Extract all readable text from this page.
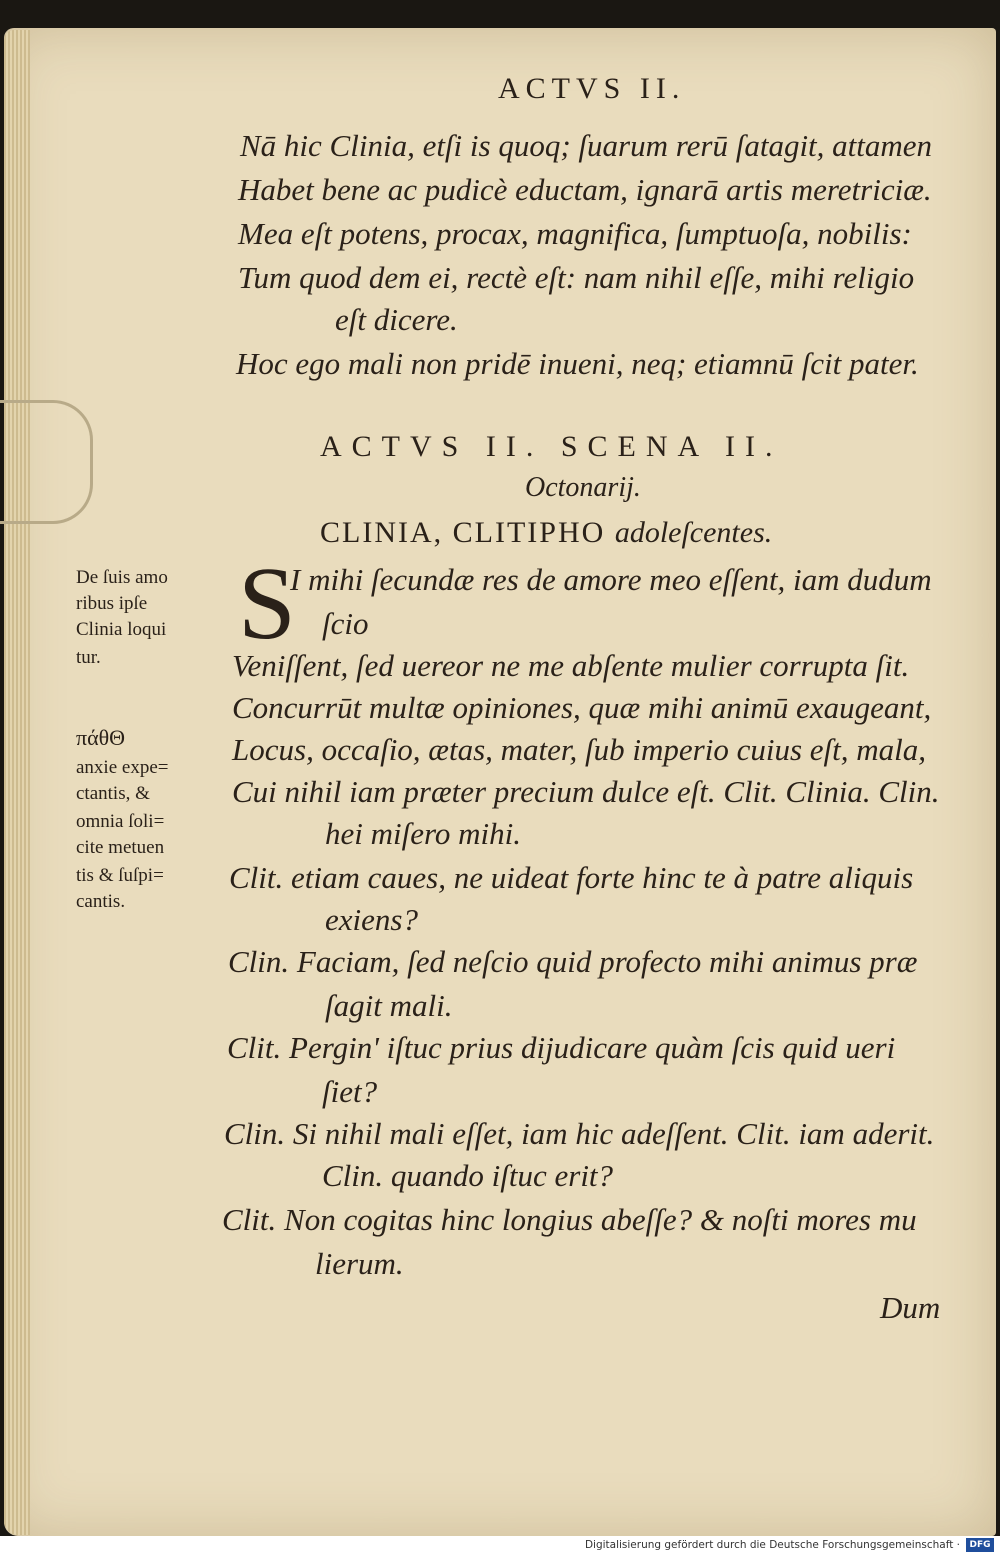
ACTVS II.
Nā hic Clinia, etſi is quoq; ſuarum rerū ſatagit, attamen
Habet bene ac pudicè eductam, ignarā artis meretriciæ.
Mea eſt potens, procax, magnifica, ſumptuoſa, nobilis:
Tum quod dem ei, rectè eſt: nam nihil eſſe, mihi religio
eſt dicere.
Hoc ego mali non pridē inueni, neq; etiamnū ſcit pater.
ACTVS II. SCENA II.
Octonarij.
CLINIA, CLITIPHO adoleſcentes.
S
I mihi ſecundæ res de amore meo eſſent, iam dudum
ſcio
Veniſſent, ſed uereor ne me abſente mulier corrupta ſit.
Concurrūt multæ opiniones, quæ mihi animū exaugeant,
Locus, occaſio, ætas, mater, ſub imperio cuius eſt, mala,
Cui nihil iam præter precium dulce eſt. Clit. Clinia. Clin.
hei miſero mihi.
Clit. etiam caues, ne uideat forte hinc te à patre aliquis
exiens?
Clin. Faciam, ſed neſcio quid profecto mihi animus præ
ſagit mali.
Clit. Pergin' iſtuc prius dijudicare quàm ſcis quid ueri
ſiet?
Clin. Si nihil mali eſſet, iam hic adeſſent. Clit. iam aderit.
Clin. quando iſtuc erit?
Clit. Non cogitas hinc longius abeſſe? & noſti mores mu
lierum.
Dum
De ſuis amo
ribus ipſe
Clinia loqui
tur.
πάθΘ
anxie expe=
ctantis, &
omnia ſoli=
cite metuen
tis & ſuſpi=
cantis.
Digitalisierung gefördert durch die Deutsche Forschungsgemeinschaft ·	DFG
